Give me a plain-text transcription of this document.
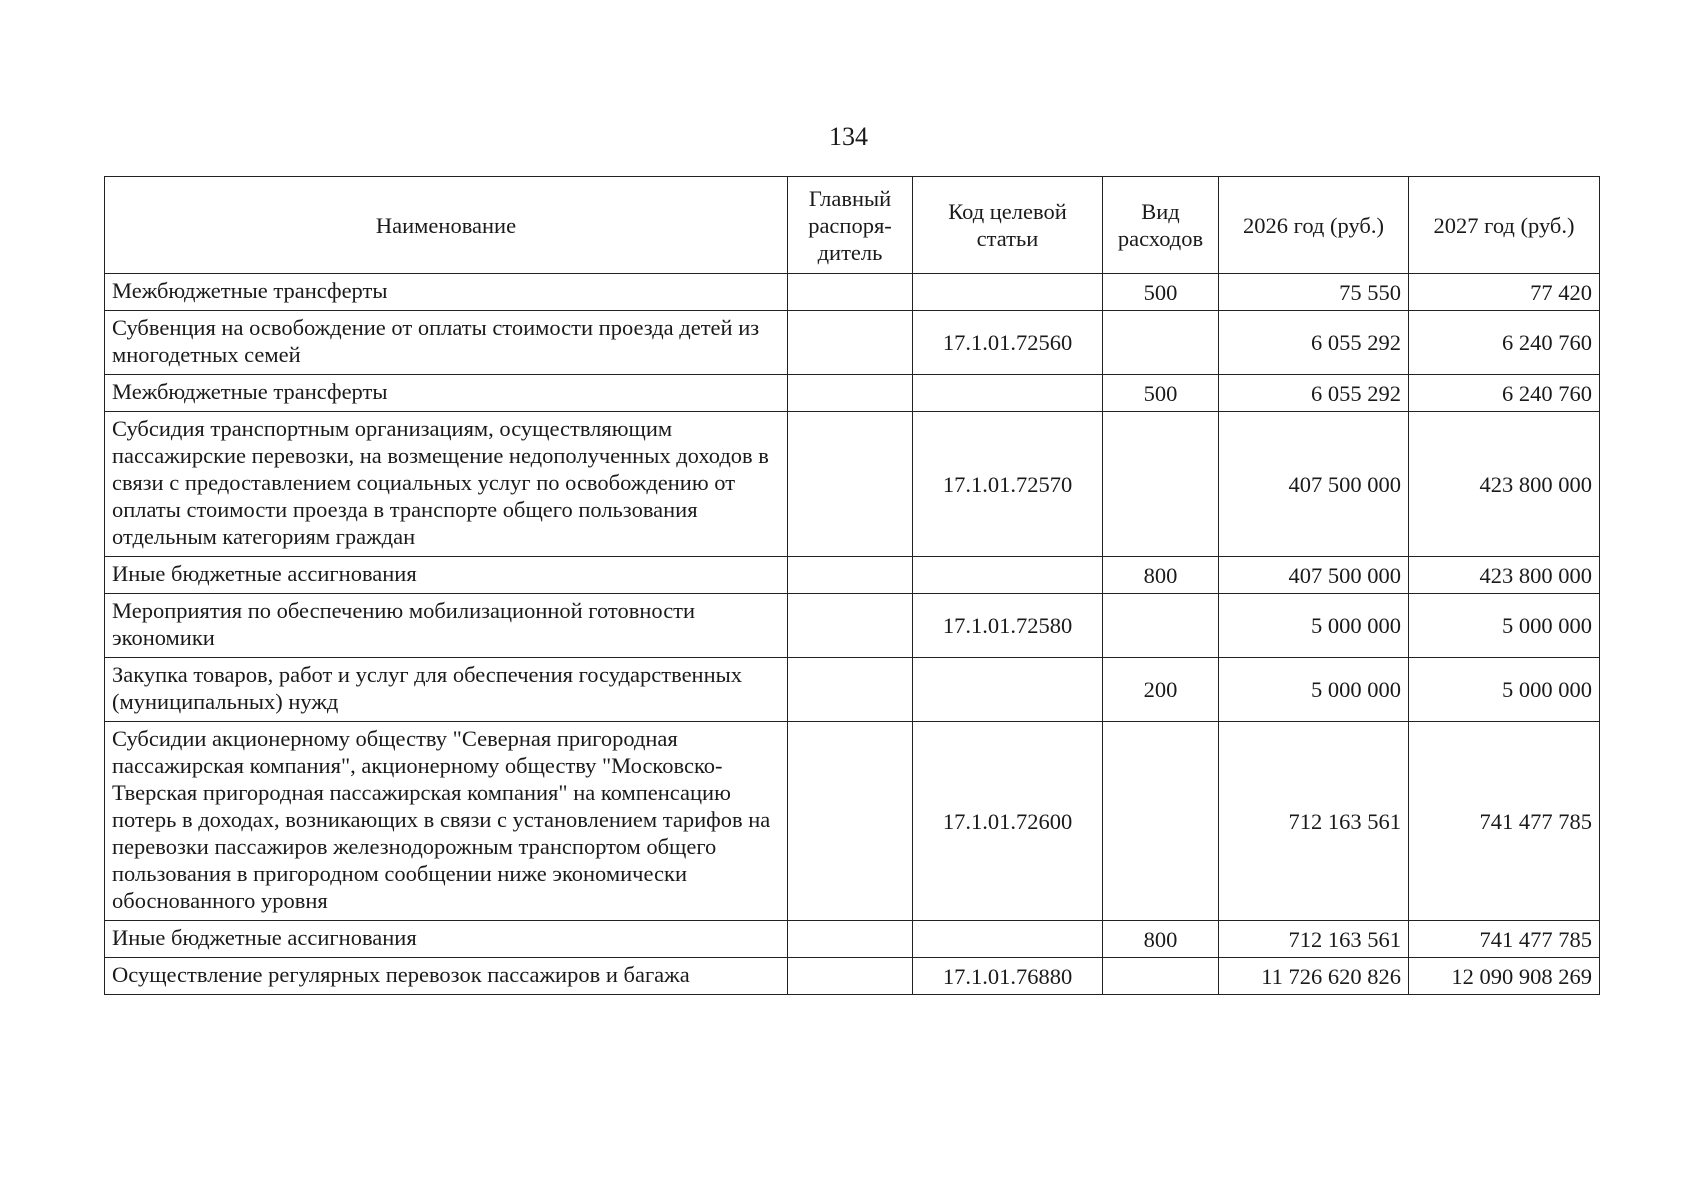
134
Наименование	Главный распоря-дитель	Код целевой статьи	Вид расходов	2026 год (руб.)	2027 год (руб.)
Межбюджетные трансферты			500	75 550	77 420
Субвенция на освобождение от оплаты стоимости проезда детей из многодетных семей		17.1.01.72560		6 055 292	6 240 760
Межбюджетные трансферты			500	6 055 292	6 240 760
Субсидия транспортным организациям, осуществляющим пассажирские перевозки, на возмещение недополученных доходов в связи с предоставлением социальных услуг по освобождению от оплаты стоимости проезда в транспорте общего пользования отдельным категориям граждан		17.1.01.72570		407 500 000	423 800 000
Иные бюджетные ассигнования			800	407 500 000	423 800 000
Мероприятия по обеспечению мобилизационной готовности экономики		17.1.01.72580		5 000 000	5 000 000
Закупка товаров, работ и услуг для обеспечения государственных (муниципальных) нужд			200	5 000 000	5 000 000
Субсидии акционерному обществу "Северная пригородная пассажирская компания", акционерному обществу "Московско-Тверская пригородная пассажирская компания" на компенсацию потерь в доходах, возникающих в связи с установлением тарифов на перевозки пассажиров железнодорожным транспортом общего пользования в пригородном сообщении ниже экономически обоснованного уровня		17.1.01.72600		712 163 561	741 477 785
Иные бюджетные ассигнования			800	712 163 561	741 477 785
Осуществление регулярных перевозок пассажиров и багажа		17.1.01.76880		11 726 620 826	12 090 908 269
